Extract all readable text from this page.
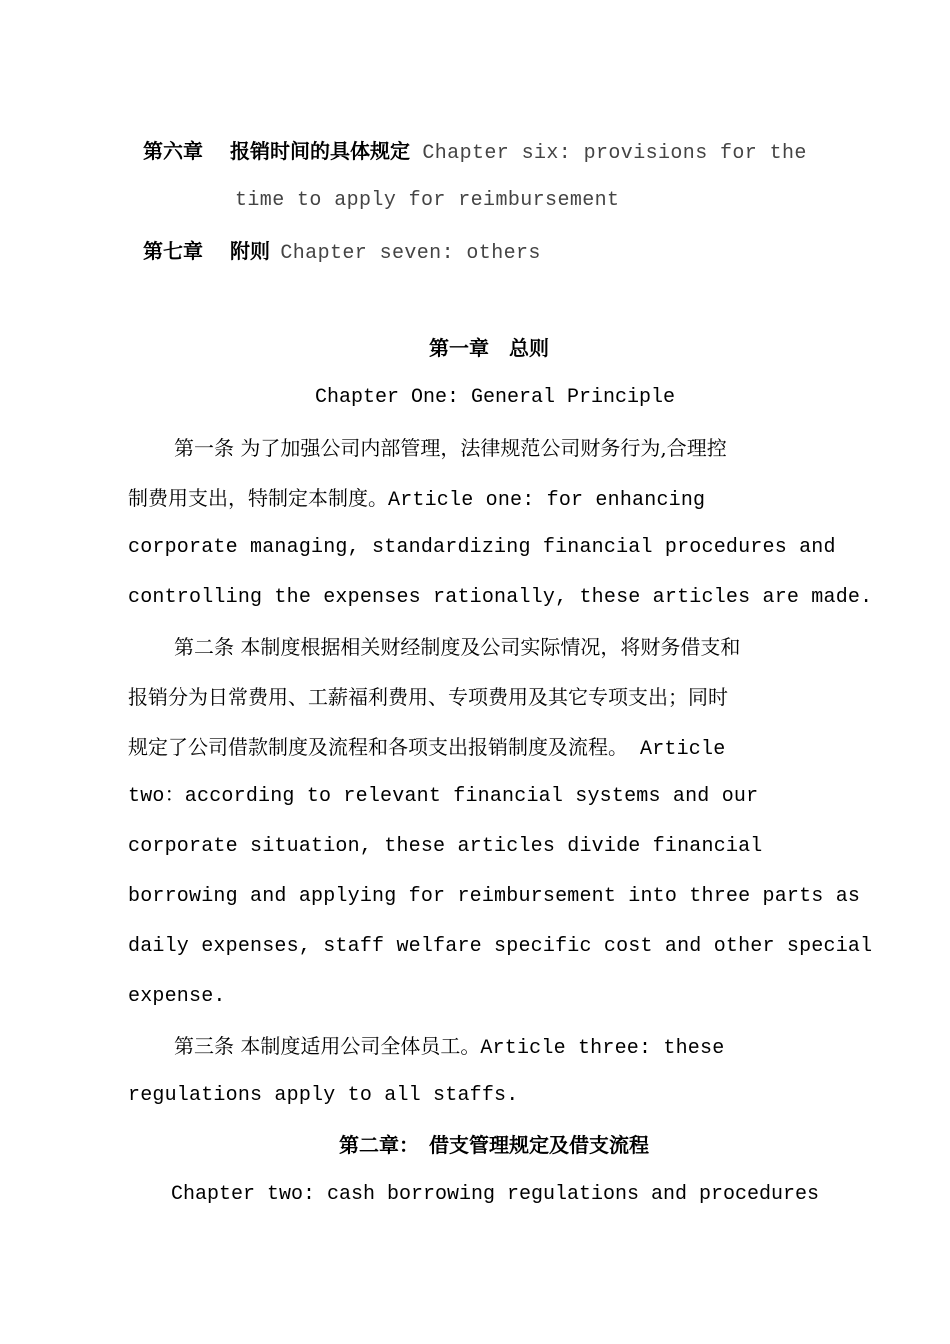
第六章 报销时间的具体规定 Chapter six: provisions for the
time to apply for reimbursement
第七章 附则 Chapter seven: others
第一章　总则
Chapter One: General Principle
第一条 为了加强公司内部管理，法律规范公司财务行为,合理控
制费用支出，特制定本制度。Article one: for enhancing
corporate managing, standardizing financial procedures and
controlling the expenses rationally, these articles are made.
第二条 本制度根据相关财经制度及公司实际情况，将财务借支和
报销分为日常费用、工薪福利费用、专项费用及其它专项支出；同时
规定了公司借款制度及流程和各项支出报销制度及流程。 Article
two：according to relevant financial systems and our
corporate situation, these articles divide financial
borrowing and applying for reimbursement into three parts as
daily expenses, staff welfare specific cost and other special
expense.
第三条 本制度适用公司全体员工。Article three: these
regulations apply to all staffs.
第二章：　借支管理规定及借支流程
Chapter two: cash borrowing regulations and procedures
